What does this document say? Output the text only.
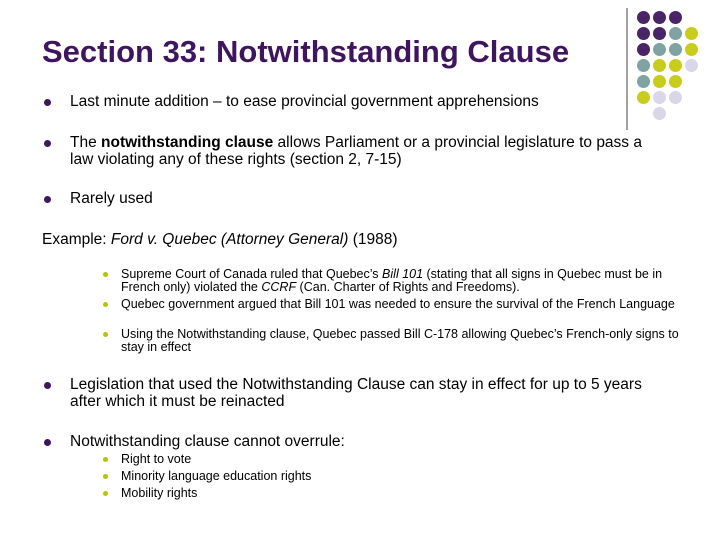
Section 33: Notwithstanding Clause
Last minute addition – to ease provincial government apprehensions
The notwithstanding clause allows Parliament or a provincial legislature to pass a law violating any of these rights (section 2, 7-15)
Rarely used
Example: Ford v. Quebec (Attorney General) (1988)
Supreme Court of Canada ruled that Quebec’s Bill 101 (stating that all signs in Quebec must be in French only) violated the CCRF (Can. Charter of Rights and Freedoms).
Quebec government argued that Bill 101 was needed to ensure the survival of the French Language
Using the Notwithstanding clause, Quebec passed Bill C-178 allowing Quebec’s French-only signs to stay in effect
Legislation that used the Notwithstanding Clause can stay in effect for up to 5 years after which it must be reinacted
Notwithstanding clause cannot overrule:
Right to vote
Minority language education rights
Mobility rights
